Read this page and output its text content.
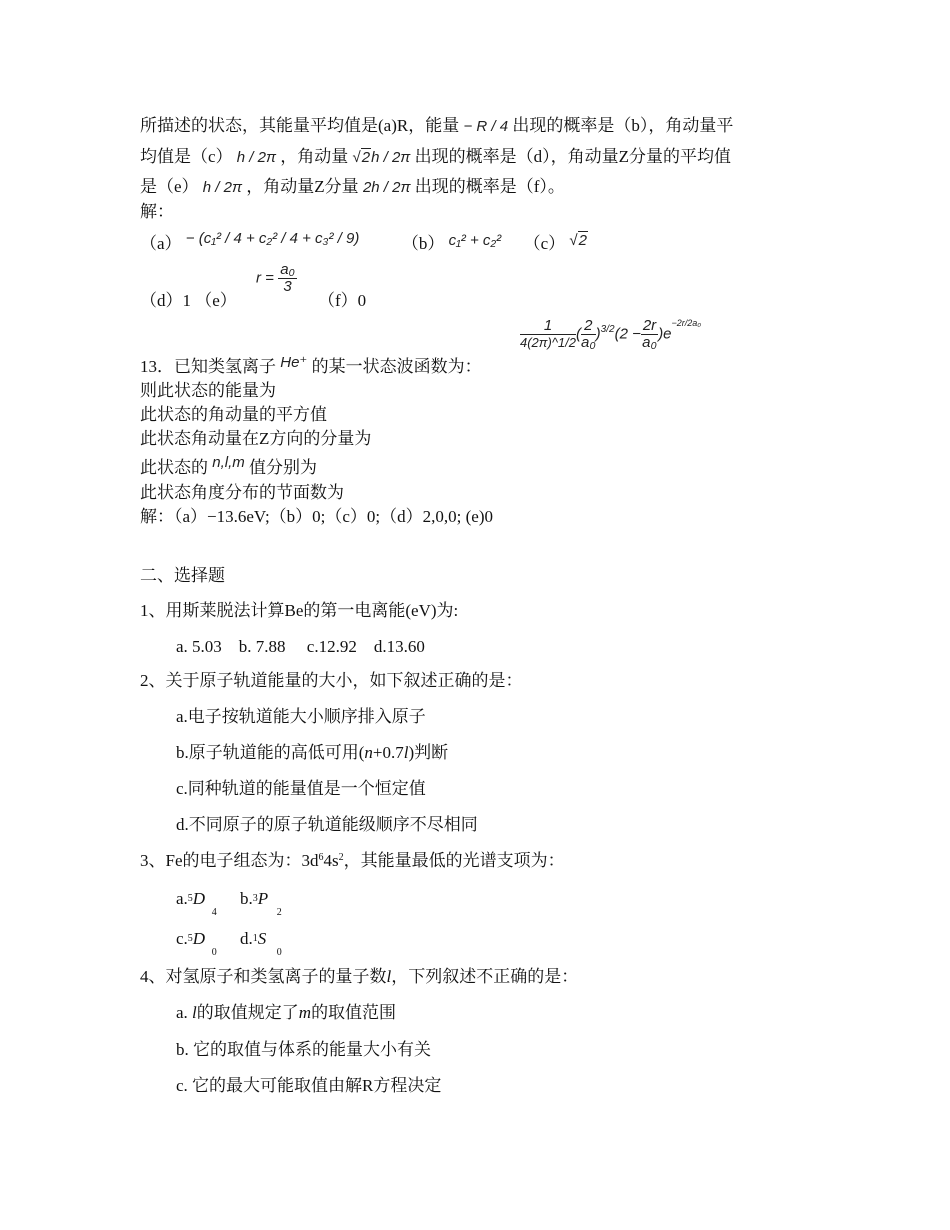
所描述的状态，其能量平均值是(a)R，能量 − R / 4 出现的概率是（b），角动量平
均值是（c） h / 2π ，角动量 √2h / 2π 出现的概率是（d），角动量Z分量的平均值
是（e） h / 2π ，角动量Z分量 2h / 2π 出现的概率是（f）。
解：
（a） − (c₁² / 4 + c₂² / 4 + c₃² / 9)	（b） c₁² + c₂² （c） √2
（d）1 （e）
$r = \frac{\text{a₀}}{3}$
（f）0
$\frac{1}{4(2\pi)\^{}1/2}$ ( $\frac{2}{\text{a₀}} )^{3/2}(2 - \frac{2r}{\text{a₀}} )e^{-2r/2a_0}$
13．已知类氢离子 He⁺ 的某一状态波函数为：
则此状态的能量为
此状态的角动量的平方值
此状态角动量在Z方向的分量为
此状态的 n,l,m 值分别为
此状态角度分布的节面数为
解：（a）−13.6eV;（b）0;（c）0;（d）2,0,0; (e)0
二、选择题
1、用斯莱脱法计算Be的第一电离能(eV)为:
a. 5.03    b. 7.88     c.12.92    d.13.60
2、关于原子轨道能量的大小，如下叙述正确的是：
a.电子按轨道能大小顺序排入原子
b.原子轨道能的高低可用(n+0.7l)判断
c.同种轨道的能量值是一个恒定值
d.不同原子的原子轨道能级顺序不尽相同
3、Fe的电子组态为：$3d^64s^2$，其能量最低的光谱支项为：
a.5D
4
b.3P
2
c.5D
0
d.1S
0
4、对氢原子和类氢离子的量子数l，下列叙述不正确的是：
a. l的取值规定了m的取值范围
b. 它的取值与体系的能量大小有关
c. 它的最大可能取值由解R方程决定
